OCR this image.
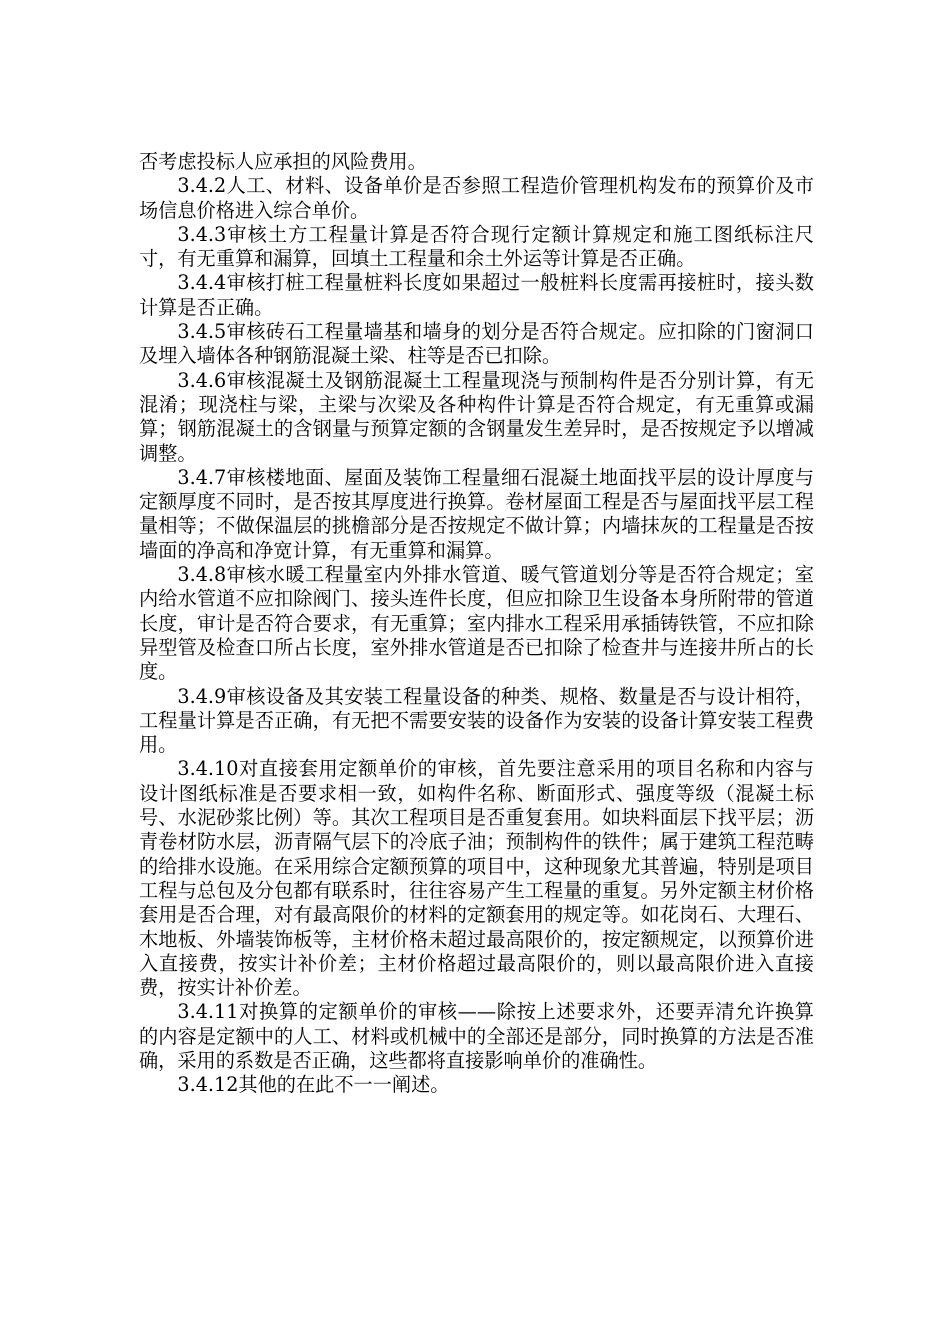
否考虑投标人应承担的风险费用。

3.4.2人工、材料、设备单价是否参照工程造价管理机构发布的预算价及市场信息价格进入综合单价。

3.4.3审核土方工程量计算是否符合现行定额计算规定和施工图纸标注尺寸，有无重算和漏算，回填土工程量和余土外运等计算是否正确。

3.4.4审核打桩工程量桩料长度如果超过一般桩料长度需再接桩时，接头数计算是否正确。

3.4.5审核砖石工程量墙基和墙身的划分是否符合规定。应扣除的门窗洞口及埋入墙体各种钢筋混凝土梁、柱等是否已扣除。

3.4.6审核混凝土及钢筋混凝土工程量现浇与预制构件是否分别计算，有无混淆；现浇柱与梁，主梁与次梁及各种构件计算是否符合规定，有无重算或漏算；钢筋混凝土的含钢量与预算定额的含钢量发生差异时，是否按规定予以增减调整。

3.4.7审核楼地面、屋面及装饰工程量细石混凝土地面找平层的设计厚度与定额厚度不同时，是否按其厚度进行换算。卷材屋面工程是否与屋面找平层工程量相等；不做保温层的挑檐部分是否按规定不做计算；内墙抹灰的工程量是否按墙面的净高和净宽计算，有无重算和漏算。

3.4.8审核水暖工程量室内外排水管道、暖气管道划分等是否符合规定；室内给水管道不应扣除阀门、接头连件长度，但应扣除卫生设备本身所附带的管道长度，审计是否符合要求，有无重算；室内排水工程采用承插铸铁管，不应扣除异型管及检查口所占长度，室外排水管道是否已扣除了检查井与连接井所占的长度。

3.4.9审核设备及其安装工程量设备的种类、规格、数量是否与设计相符，工程量计算是否正确，有无把不需要安装的设备作为安装的设备计算安装工程费用。

3.4.10对直接套用定额单价的审核，首先要注意采用的项目名称和内容与设计图纸标准是否要求相一致，如构件名称、断面形式、强度等级（混凝土标号、水泥砂浆比例）等。其次工程项目是否重复套用。如块料面层下找平层；沥青卷材防水层，沥青隔气层下的冷底子油；预制构件的铁件；属于建筑工程范畴的给排水设施。在采用综合定额预算的项目中，这种现象尤其普遍，特别是项目工程与总包及分包都有联系时，往往容易产生工程量的重复。另外定额主材价格套用是否合理，对有最高限价的材料的定额套用的规定等。如花岗石、大理石、木地板、外墙装饰板等，主材价格未超过最高限价的，按定额规定，以预算价进入直接费，按实计补价差；主材价格超过最高限价的，则以最高限价进入直接费，按实计补价差。

3.4.11对换算的定额单价的审核——除按上述要求外，还要弄清允许换算的内容是定额中的人工、材料或机械中的全部还是部分，同时换算的方法是否准确，采用的系数是否正确，这些都将直接影响单价的准确性。

3.4.12其他的在此不一一阐述。
